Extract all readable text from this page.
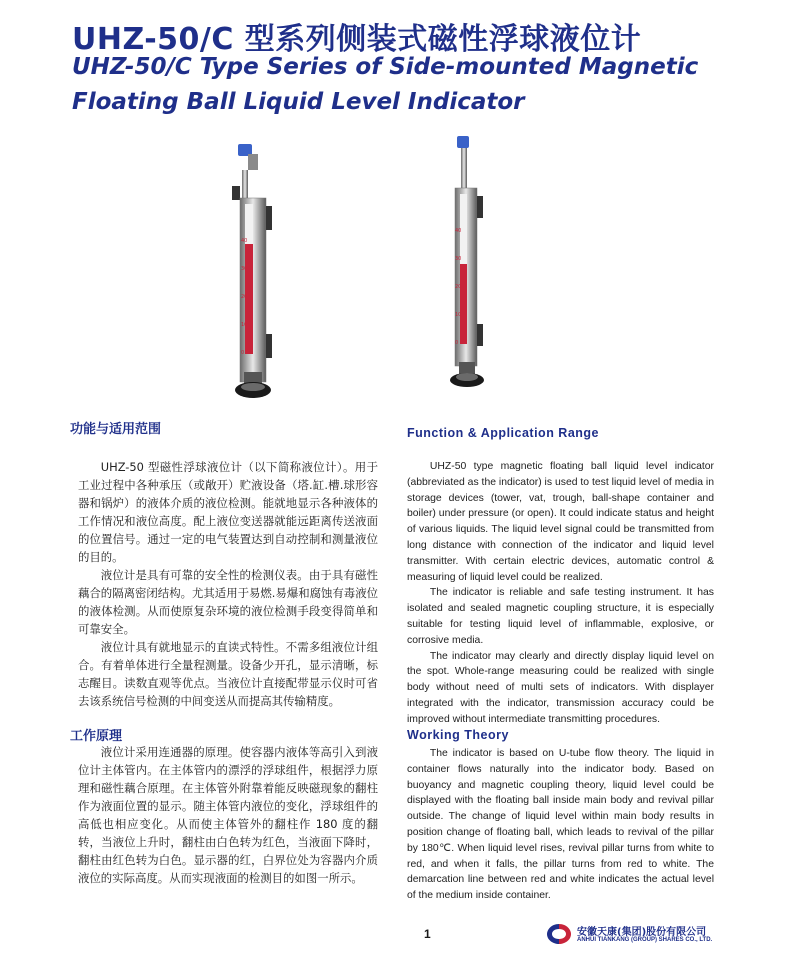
UHZ-50/C 型系列侧装式磁性浮球液位计
UHZ-50/C Type Series of Side-mounted Magnetic
Floating Ball Liquid Level Indicator
40
30
20
10
0
40
30
20
10
0
功能与适用范围	Function & Application Range

UHZ-50 型磁性浮球液位计（以下简称液位计）。用于工业过程中各种承压（或敞开）贮液设备（塔.缸.槽.球形容器和锅炉）的液体介质的液位检测。能就地显示各种液体的工作情况和液位高度。配上液位变送器就能远距离传送液面的位置信号。通过一定的电气装置达到自动控制和测量液位的目的。

液位计是具有可靠的安全性的检测仪表。由于具有磁性藕合的隔离密闭结构。尤其适用于易燃.易爆和腐蚀有毒液位的液体检测。从而使原复杂环境的液位检测手段变得简单和可靠安全。

液位计具有就地显示的直读式特性。不需多组液位计组合。有着单体进行全量程测量。设备少开孔，显示清晰，标志醒目。读数直观等优点。当液位计直接配带显示仪时可省去该系统信号检测的中间变送从而提高其传输精度。

UHZ-50 type magnetic floating ball liquid level indicator (abbreviated as the indicator) is used to test liquid level of media in storage devices (tower, vat, trough, ball-shape container and boiler) under pressure (or open). It could indicate status and height of various liquids. The liquid level signal could be transmitted from long distance with connection of the indicator and liquid level transmitter. With certain electric devices, automatic control & measuring of liquid level could be realized.

The indicator is reliable and safe testing instrument. It has isolated and sealed magnetic coupling structure, it is especially suitable for testing liquid level of inflammable, explosive, or corrosive media.

The indicator may clearly and directly display liquid level on the spot. Whole-range measuring could be realized with single body without need of multi sets of indicators. With displayer integrated with the indicator, transmission accuracy could be improved without intermediate transmitting procedures.

工作原理	Working Theory

液位计采用连通器的原理。使容器内液体等高引入到液位计主体管内。在主体管内的漂浮的浮球组件，根据浮力原理和磁性藕合原理。在主体管外附靠着能反映磁现象的翻柱作为液面位置的显示。随主体管内液位的变化，浮球组件的高低也相应变化。从而使主体管外的翻柱作 180 度的翻转，当液位上升时，翻柱由白色转为红色，当液面下降时，翻柱由红色转为白色。显示器的红，白界位处为容器内介质液位的实际高度。从而实现液面的检测目的如图一所示。

The indicator is based on U-tube flow theory. The liquid in container flows naturally into the indicator body. Based on buoyancy and magnetic coupling theory, liquid level could be displayed with the floating ball inside main body and revival pillar outside. The change of liquid level within main body results in position change of floating ball, which leads to revival of the pillar by 180℃. When liquid level rises, revival pillar turns from white to red, and when it falls, the pillar turns from red to white. The demarcation line between red and white indicates the actual level of the medium inside container.

1	安徽天康(集团)股份有限公司
ANHUI TIANKANG (GROUP) SHARES CO., LTD.
